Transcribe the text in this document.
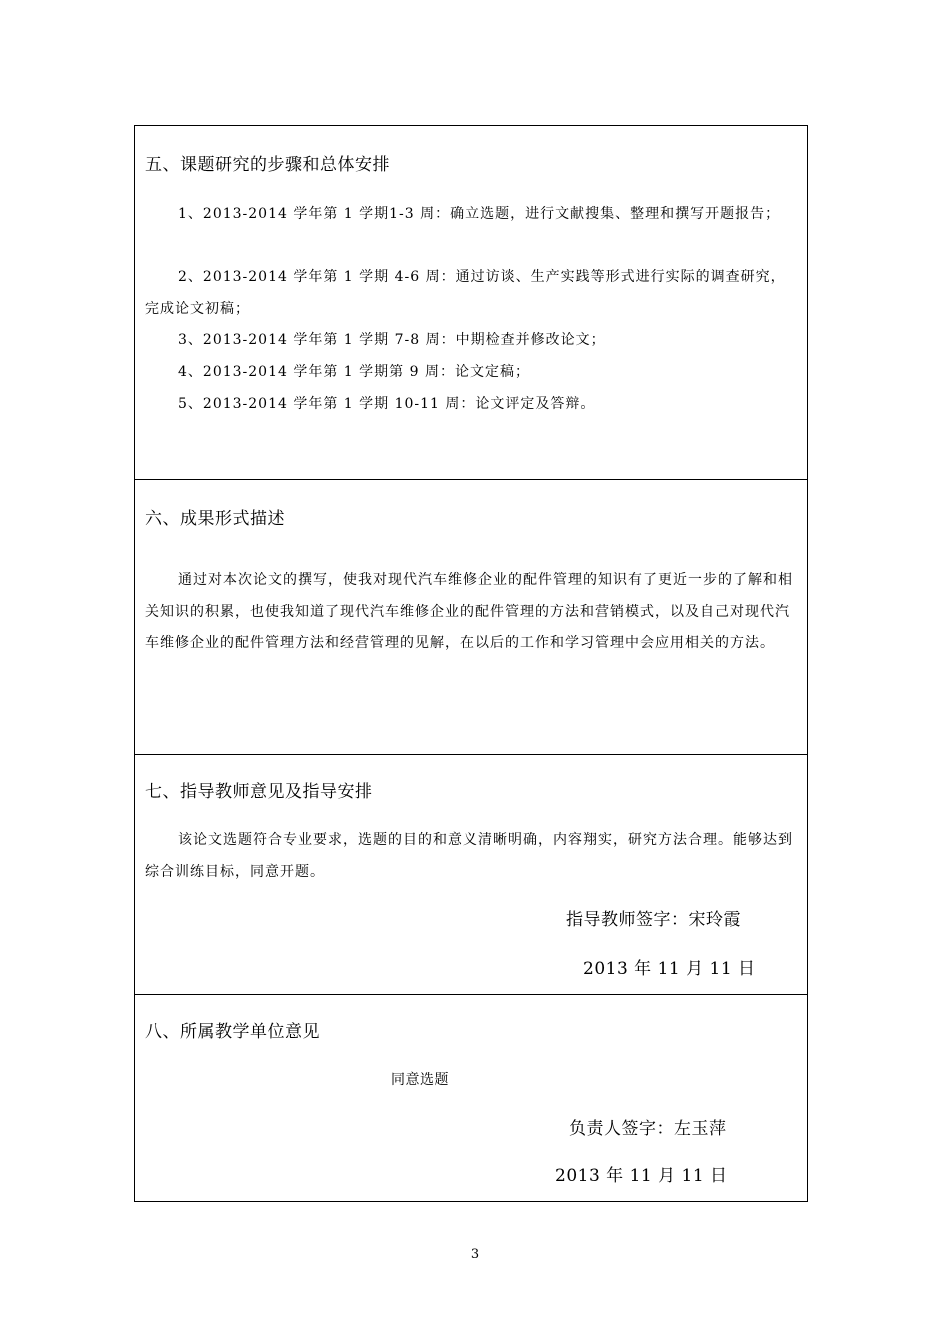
五、课题研究的步骤和总体安排

1、2013-2014 学年第 1 学期1-3 周：确立选题，进行文献搜集、整理和撰写开题报告；

2、2013-2014 学年第 1 学期 4-6 周：通过访谈、生产实践等形式进行实际的调查研究，完成论文初稿；

3、2013-2014 学年第 1 学期 7-8 周：中期检查并修改论文；

4、2013-2014 学年第 1 学期第 9 周：论文定稿；

5、2013-2014 学年第 1 学期 10-11 周：论文评定及答辩。

六、成果形式描述

通过对本次论文的撰写，使我对现代汽车维修企业的配件管理的知识有了更近一步的了解和相关知识的积累，也使我知道了现代汽车维修企业的配件管理的方法和营销模式，以及自己对现代汽车维修企业的配件管理方法和经营管理的见解，在以后的工作和学习管理中会应用相关的方法。

七、指导教师意见及指导安排

该论文选题符合专业要求，选题的目的和意义清晰明确，内容翔实，研究方法合理。能够达到综合训练目标，同意开题。

指导教师签字：宋玲霞
2013 年 11 月 11 日
八、所属教学单位意见
同意选题
负责人签字：左玉萍
2013 年 11 月 11 日
3
